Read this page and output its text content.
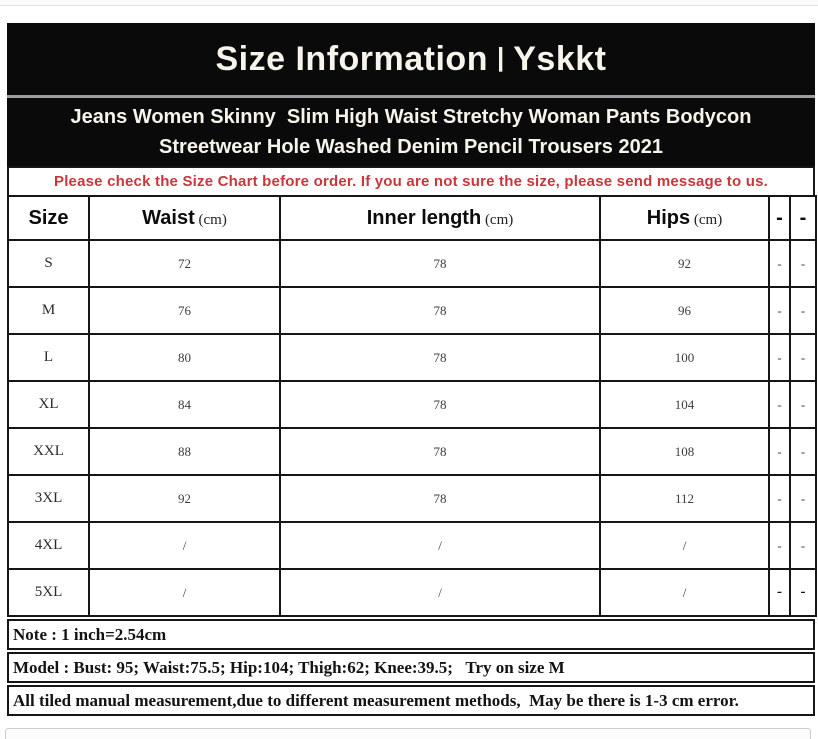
Size Information | Yskkt
Jeans Women Skinny  Slim High Waist Stretchy Woman Pants Bodycon
Streetwear Hole Washed Denim Pencil Trousers 2021
Please check the Size Chart before order. If you are not sure the size, please send message to us.
Size	Waist (cm)	Inner length (cm)	Hips (cm)	-	-
S	72	78	92	-	-
M	76	78	96	-	-
L	80	78	100	-	-
XL	84	78	104	-	-
XXL	88	78	108	-	-
3XL	92	78	112	-	-
4XL	/	/	/	-	-
5XL	/	/	/	-	-
Note : 1 inch=2.54cm
Model : Bust: 95; Waist:75.5; Hip:104; Thigh:62; Knee:39.5;   Try on size M
All tiled manual measurement,due to different measurement methods,  May be there is 1-3 cm error.
